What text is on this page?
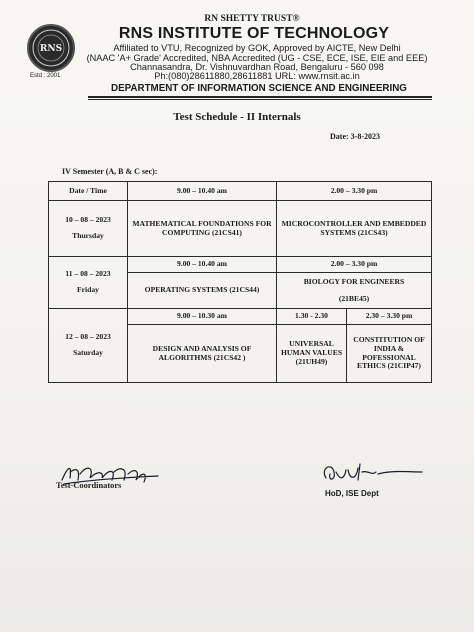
RNS
Estd : 2001
RN SHETTY TRUST®
RNS INSTITUTE OF TECHNOLOGY
Affiliated to VTU, Recognized by GOK, Approved by AICTE, New Delhi
(NAAC 'A+ Grade' Accredited, NBA Accredited (UG - CSE, ECE, ISE, EIE and EEE)
Channasandra, Dr. Vishnuvardhan Road, Bengaluru - 560 098
Ph:(080)28611880,28611881 URL: www.rnsit.ac.in
DEPARTMENT OF INFORMATION SCIENCE AND ENGINEERING
Test Schedule - II Internals
Date: 3-8-2023
IV Semester (A, B & C sec):
Date / Time	9.00 – 10.40 am	2.00 – 3.30 pm	
10 – 08 – 2023
Thursday	MATHEMATICAL FOUNDATIONS FOR COMPUTING (21CS41)	MICROCONTROLLER AND EMBEDDED SYSTEMS (21CS43)	

11 – 08 – 2023
Friday	9.00 – 10.40 am	2.00 – 3.30 pm	

	OPERATING SYSTEMS (21CS44)	BIOLOGY FOR ENGINEERS
(21BE45)	

12 – 08 – 2023
Saturday	9.00 – 10.30 am	1.30 - 2.30	2.30 – 3.30 pm

	DESIGN AND ANALYSIS OF ALGORITHMS (21CS42 )	UNIVERSAL HUMAN VALUES (21UH49)	CONSTITUTION OF INDIA & POFESSIONAL ETHICS (21CIP47)
Test-Coordinators
HoD, ISE Dept
